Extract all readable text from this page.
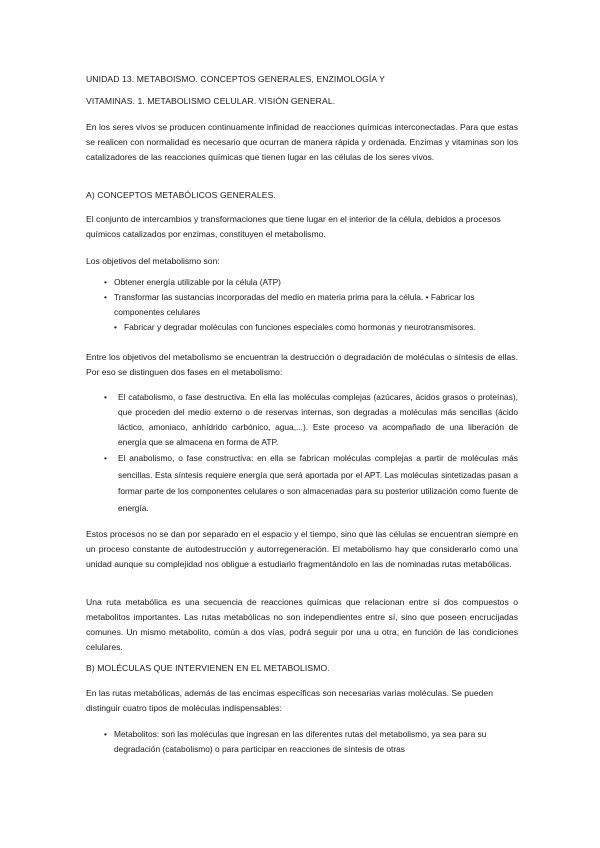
UNIDAD 13. METABOISMO. CONCEPTOS GENERALES, ENZIMOLOGÍA Y

VITAMINAS. 1. METABOLISMO CELULAR. VISIÓN GENERAL.

En los seres vivos se producen continuamente infinidad de reacciones químicas interconectadas. Para que estas se realicen con normalidad es necesario que ocurran de manera rápida y ordenada. Enzimas y vitaminas son los catalizadores de las reacciones químicas que tienen lugar en las células de los seres vivos.

A) CONCEPTOS METABÓLICOS GENERALES.

El conjunto de intercambios y transformaciones que tiene lugar en el interior de la célula, debidos a procesos químicos catalizados por enzimas, constituyen el metabolismo.

Los objetivos del metabolismo son:

• Obtener energía utilizable por la célula (ATP)
• Transformar las sustancias incorporadas del medio en materia prima para la célula. • Fabricar los componentes celulares
• Fabricar y degradar moléculas con funciones especiales como hormonas y neurotransmisores.

Entre los objetivos del metabolismo se encuentran la destrucción o degradación de moléculas o síntesis de ellas. Por eso se distinguen dos fases en el metabolismo:

• El catabolismo, o fase destructiva. En ella las moléculas complejas (azúcares, ácidos grasos o proteínas), que proceden del medio externo o de reservas internas, son degradas a moléculas más sencillas (ácido láctico, amoniaco, anhídrido carbónico, agua,...). Este proceso va acompañado de una liberación de energía que se almacena en forma de ATP.
• El anabolismo, o fase constructiva: en ella se fabrican moléculas complejas a partir de moléculas más sencillas. Esta síntesis requiere energía que será aportada por el APT. Las moléculas sintetizadas pasan a formar parte de los componentes celulares o son almacenadas para su posterior utilización como fuente de energía.

Estos procesos no se dan por separado en el espacio y el tiempo, sino que las células se encuentran siempre en un proceso constante de autodestrucción y autorregeneración. El metabolismo hay que considerarlo como una unidad aunque su complejidad nos obligue a estudiarlo fragmentándolo en las de nominadas rutas metabólicas.

Una ruta metabólica es una secuencia de reacciones químicas que relacionan entre sí dos compuestos o metabolitos importantes. Las rutas metabólicas no son independientes entre sí, sino que poseen encrucijadas comunes. Un mismo metabolito, común a dos vías, podrá seguir por una u otra, en función de las condiciones celulares.

B) MOLÉCULAS QUE INTERVIENEN EN EL METABOLISMO.

En las rutas metabólicas, además de las encimas específicas son necesarias varias moléculas. Se pueden distinguir cuatro tipos de moléculas indispensables:

• Metabolitos: son las moléculas que ingresan en las diferentes rutas del metabolismo, ya sea para su degradación (catabolismo) o para participar en reacciones de síntesis de otras
